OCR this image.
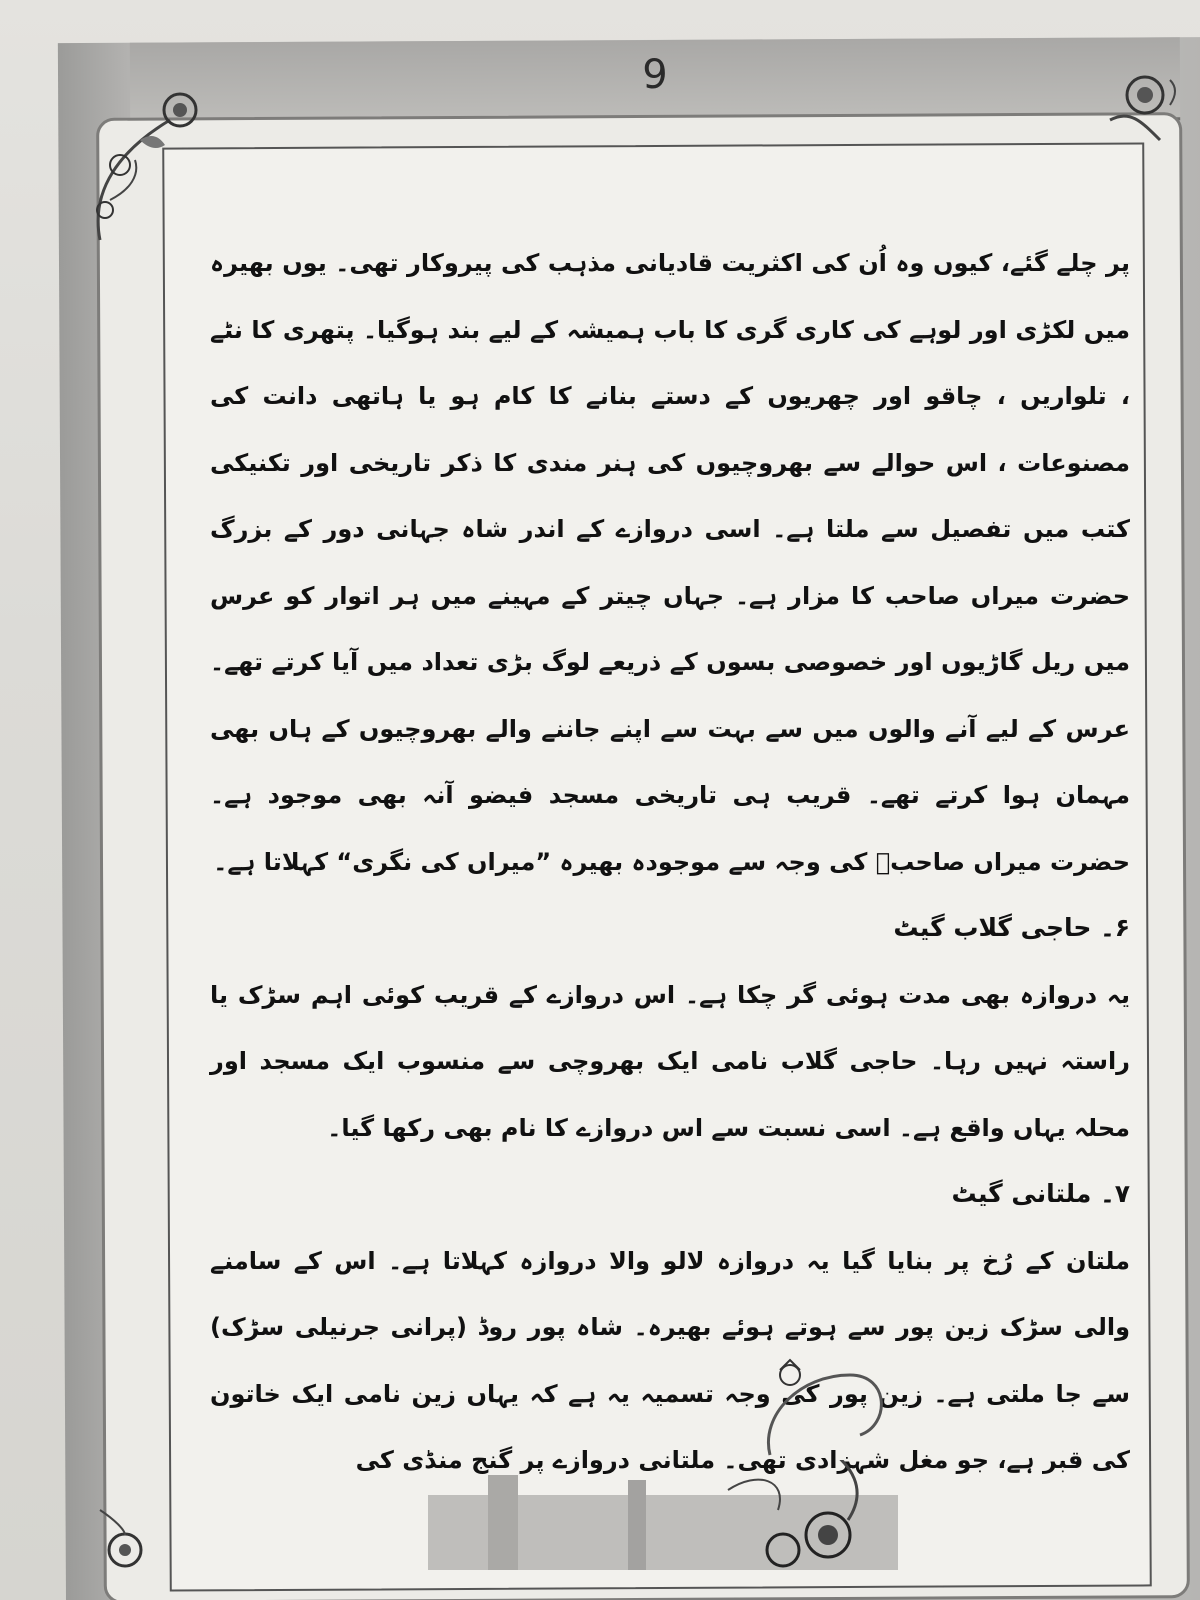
9

پر چلے گئے، کیوں وہ اُن کی اکثریت قادیانی مذہب کی پیروکار تھی۔ یوں بھیرہ میں لکڑی اور لوہے کی کاری گری کا باب ہمیشہ کے لیے بند ہوگیا۔ پتھری کا نٹے ، تلواریں ، چاقو اور چھریوں کے دستے بنانے کا کام ہو یا ہاتھی دانت کی مصنوعات ، اس حوالے سے بھروچیوں کی ہنر مندی کا ذکر تاریخی اور تکنیکی کتب میں تفصیل سے ملتا ہے۔ اسی دروازے کے اندر شاہ جہانی دور کے بزرگ حضرت میراں صاحب کا مزار ہے۔ جہاں چیتر کے مہینے میں ہر اتوار کو عرس میں ریل گاڑیوں اور خصوصی بسوں کے ذریعے لوگ بڑی تعداد میں آیا کرتے تھے۔ عرس کے لیے آنے والوں میں سے بہت سے اپنے جاننے والے بھروچیوں کے ہاں بھی مہمان ہوا کرتے تھے۔ قریب ہی تاریخی مسجد فیضو آنہ بھی موجود ہے۔ حضرت میراں صاحبؒ کی وجہ سے موجودہ بھیرہ ”میراں کی نگری“ کہلاتا ہے۔

۶۔ حاجی گلاب گیٹ

یہ دروازہ بھی مدت ہوئی گر چکا ہے۔ اس دروازے کے قریب کوئی اہم سڑک یا راستہ نہیں رہا۔ حاجی گلاب نامی ایک بھروچی سے منسوب ایک مسجد اور محلہ یہاں واقع ہے۔ اسی نسبت سے اس دروازے کا نام بھی رکھا گیا۔

۷۔ ملتانی گیٹ

ملتان کے رُخ پر بنایا گیا یہ دروازہ لالو والا دروازہ کہلاتا ہے۔ اس کے سامنے والی سڑک زین پور سے ہوتے ہوئے بھیرہ۔ شاہ پور روڈ (پرانی جرنیلی سڑک) سے جا ملتی ہے۔ زین پور کی وجہ تسمیہ یہ ہے کہ یہاں زین نامی ایک خاتون کی قبر ہے، جو مغل شہزادی تھی۔ ملتانی دروازے پر گنج منڈی کی
